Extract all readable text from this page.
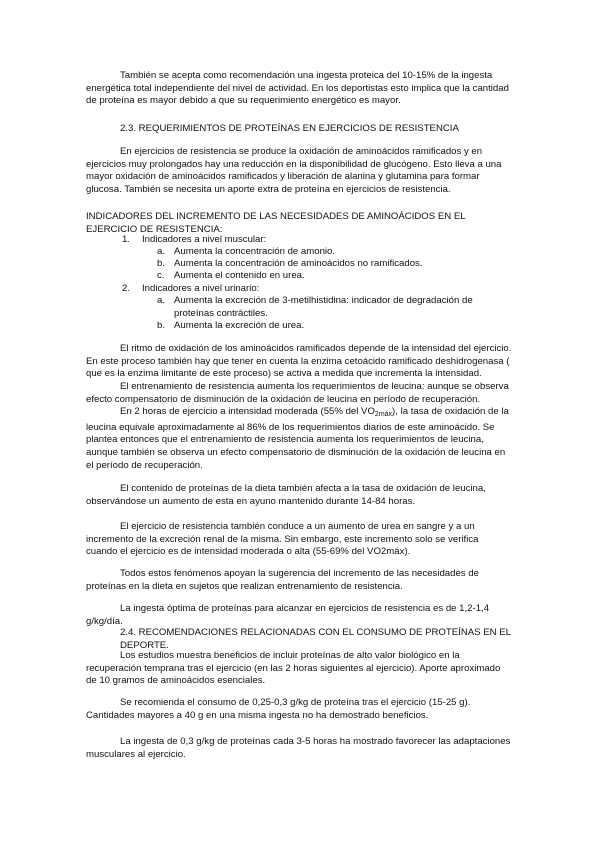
También se acepta como recomendación una ingesta proteica del 10-15% de la ingesta energética total independiente del nivel de actividad. En los deportistas esto implica que la cantidad de proteína es mayor debido a que su requerimiento energético es mayor.
2.3. REQUERIMIENTOS DE PROTEÍNAS EN EJERCICIOS DE RESISTENCIA
En ejercicios de resistencia se produce la oxidación de aminoácidos ramificados y en ejercicios muy prolongados hay una reducción en la disponibilidad de glucógeno. Esto lleva a una mayor oxidación de aminoácidos ramificados y liberación de alanina y glutamina para formar glucosa. También se necesita un aporte extra de proteína en ejercicios de resistencia.
INDICADORES DEL INCREMENTO DE LAS NECESIDADES DE AMINOÁCIDOS EN EL EJERCICIO DE RESISTENCIA:
1. Indicadores a nivel muscular:
a. Aumenta la concentración de amonio.
b. Aumenta la concentración de aminoácidos no ramificados.
c. Aumenta el contenido en urea.
2. Indicadores a nivel urinario:
a. Aumenta la excreción de 3-metilhistidina: indicador de degradación de proteínas contráctiles.
b. Aumenta la excreción de urea.
El ritmo de oxidación de los aminoácidos ramificados depende de la intensidad del ejercicio. En este proceso también hay que tener en cuenta la enzima cetoácido ramificado deshidrogenasa ( que es la enzima limitante de este proceso) se activa a medida que incrementa la intensidad.
El entrenamiento de resistencia aumenta los requerimientos de leucina: aunque se observa efecto compensatorio de disminución de la oxidación de leucina en período de recuperación.
En 2 horas de ejercicio a intensidad moderada (55% del $VO_{2máx}$), la tasa de oxidación de la leucina equivale aproximadamente al 86% de los requerimientos diarios de este aminoácido. Se plantea entonces que el entrenamiento de resistencia aumenta los requerimientos de leucina, aunque también se observa un efecto compensatorio de disminución de la oxidación de leucina en el período de recuperación.
El contenido de proteínas de la dieta también afecta a la tasa de oxidación de leucina, observándose un aumento de esta en ayuno mantenido durante 14-84 horas.
El ejercicio de resistencia también conduce a un aumento de urea en sangre y a un incremento de la excreción renal de la misma. Sin embargo, este incremento solo se verifica cuando el ejercicio es de intensidad moderada o alta (55-69% del VO2máx).
Todos estos fenómenos apoyan la sugerencia del incremento de las necesidades de proteínas en la dieta en sujetos que realizan entrenamiento de resistencia.
La ingesta óptima de proteínas para alcanzar en ejercicios de resistencia es de 1,2-1,4 g/kg/día.
2.4. RECOMENDACIONES RELACIONADAS CON EL CONSUMO DE PROTEÍNAS EN EL DEPORTE.
Los estudios muestra beneficios de incluir proteínas de alto valor biológico en la recuperación temprana tras el ejercicio (en las 2 horas siguientes al ejercicio). Aporte aproximado de 10 gramos de aminoácidos esenciales.
Se recomienda el consumo de 0,25-0,3 g/kg de proteína tras el ejercicio (15-25 g). Cantidades mayores a 40 g en una misma ingesta no ha demostrado beneficios.
La ingesta de 0,3 g/kg de proteínas cada 3-5 horas ha mostrado favorecer las adaptaciones musculares al ejercicio.
